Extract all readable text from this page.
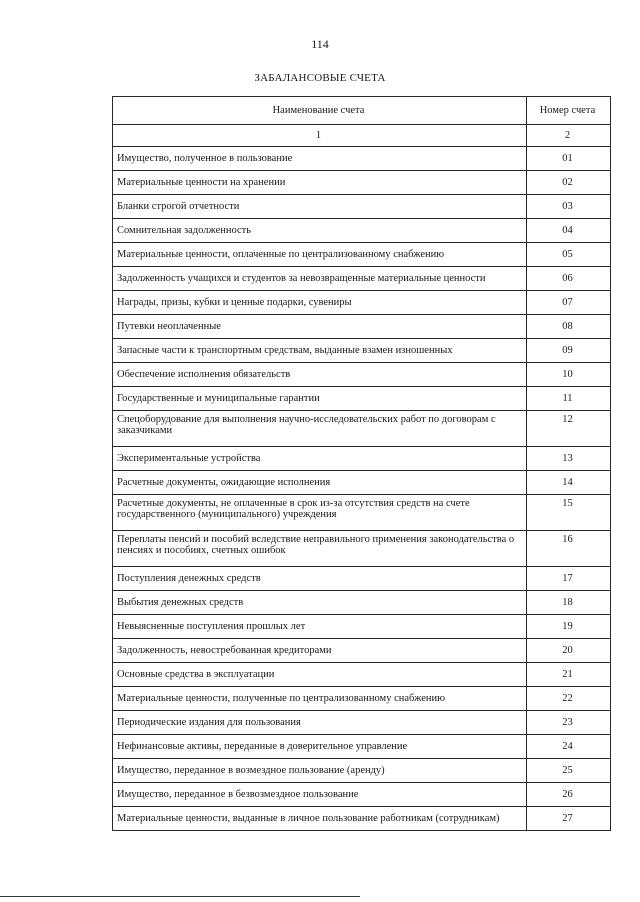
114
ЗАБАЛАНСОВЫЕ СЧЕТА
Наименование счета	Номер счета
1	2
Имущество, полученное в пользование	01
Материальные ценности на хранении	02
Бланки строгой отчетности	03
Сомнительная задолженность	04
Материальные ценности, оплаченные по централизованному снабжению	05
Задолженность учащихся и студентов за невозвращенные материальные ценности	06
Награды, призы, кубки и ценные подарки, сувениры	07
Путевки неоплаченные	08
Запасные части к транспортным средствам, выданные взамен изношенных	09
Обеспечение исполнения обязательств	10
Государственные и муниципальные гарантии	11
Спецоборудование для выполнения научно-исследовательских работ по договорам с заказчиками	12
Экспериментальные устройства	13
Расчетные документы, ожидающие исполнения	14
Расчетные документы, не оплаченные в срок из-за отсутствия средств на счете государственного (муниципального) учреждения	15
Переплаты пенсий и пособий вследствие неправильного применения законодательства о пенсиях и пособиях, счетных ошибок	16
Поступления денежных средств	17
Выбытия денежных средств	18
Невыясненные поступления прошлых лет	19
Задолженность, невостребованная кредиторами	20
Основные средства в эксплуатации	21
Материальные ценности, полученные по централизованному снабжению	22
Периодические издания для пользования	23
Нефинансовые активы, переданные в доверительное управление	24
Имущество, переданное в возмездное пользование (аренду)	25
Имущество, переданное в безвозмездное пользование	26
Материальные ценности, выданные в личное пользование работникам (сотрудникам)	27
